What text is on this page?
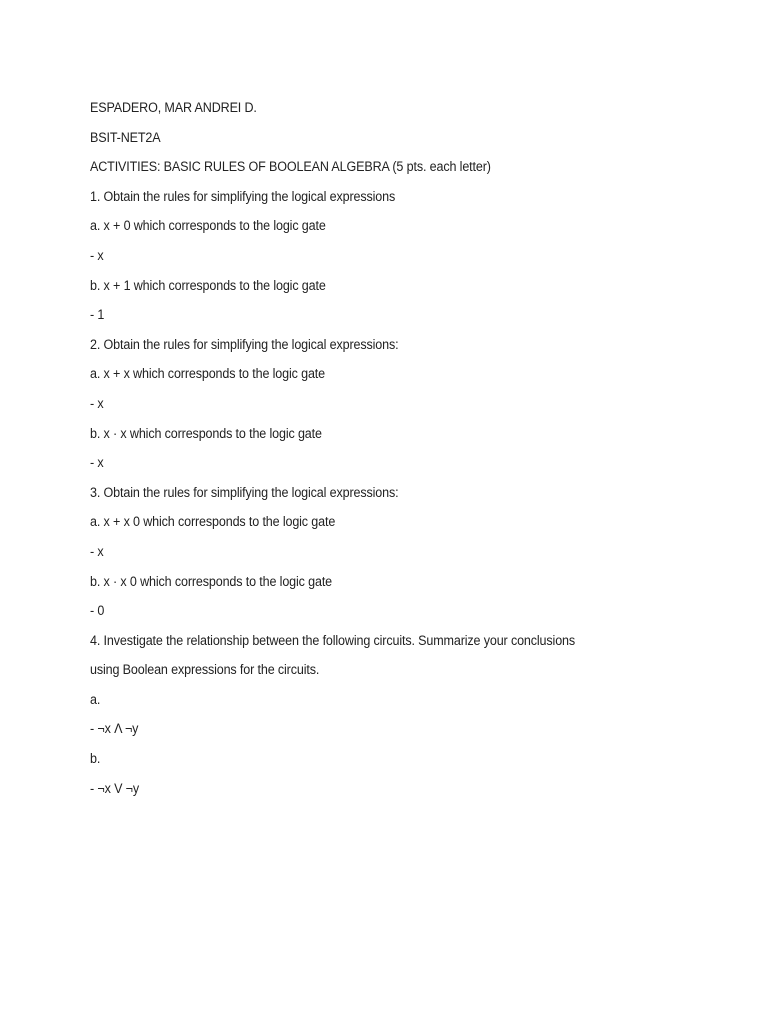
ESPADERO, MAR ANDREI D.
BSIT-NET2A
ACTIVITIES: BASIC RULES OF BOOLEAN ALGEBRA (5 pts. each letter)
1. Obtain the rules for simplifying the logical expressions
a. x + 0 which corresponds to the logic gate
- x
b. x + 1 which corresponds to the logic gate
- 1
2. Obtain the rules for simplifying the logical expressions:
a. x + x which corresponds to the logic gate
- x
b. x · x which corresponds to the logic gate
- x
3. Obtain the rules for simplifying the logical expressions:
a. x + x 0 which corresponds to the logic gate
- x
b. x · x 0 which corresponds to the logic gate
- 0
4. Investigate the relationship between the following circuits. Summarize your conclusions
using Boolean expressions for the circuits.
a.
- ¬x Λ ¬y
b.
- ¬x V ¬y
